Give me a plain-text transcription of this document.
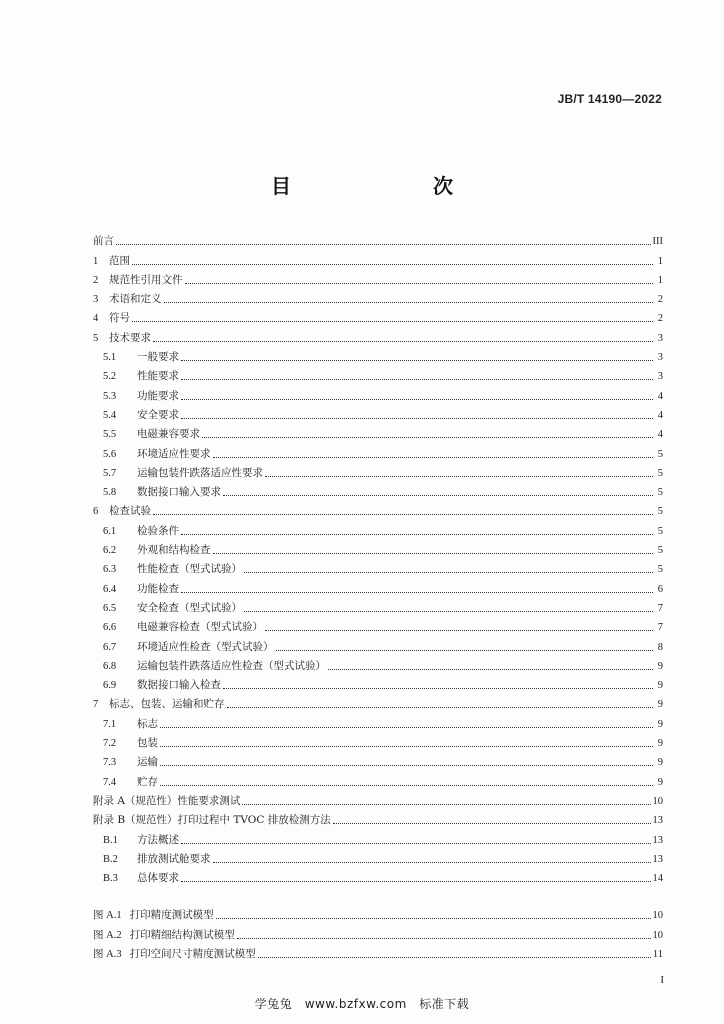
JB/T 14190—2022
目　　次
前言	III
1	范围	1
2	规范性引用文件	1
3	术语和定义	2
4	符号	2
5	技术要求	3
5.1	一般要求	3
5.2	性能要求	3
5.3	功能要求	4
5.4	安全要求	4
5.5	电磁兼容要求	4
5.6	环境适应性要求	5
5.7	运输包装件跌落适应性要求	5
5.8	数据接口输入要求	5
6	检查试验	5
6.1	检验条件	5
6.2	外观和结构检查	5
6.3	性能检查（型式试验）	5
6.4	功能检查	6
6.5	安全检查（型式试验）	7
6.6	电磁兼容检查（型式试验）	7
6.7	环境适应性检查（型式试验）	8
6.8	运输包装件跌落适应性检查（型式试验）	9
6.9	数据接口输入检查	9
7	标志、包装、运输和贮存	9
7.1	标志	9
7.2	包装	9
7.3	运输	9
7.4	贮存	9
附录 A（规范性）性能要求测试	10
附录 B（规范性）打印过程中 TVOC 排放检测方法	13
B.1	方法概述	13
B.2	排放测试舱要求	13
B.3	总体要求	14
图 A.1 打印精度测试模型	10
图 A.2 打印精细结构测试模型	10
图 A.3 打印空间尺寸精度测试模型	11
I
学兔兔　www.bzfxw.com　标准下载
